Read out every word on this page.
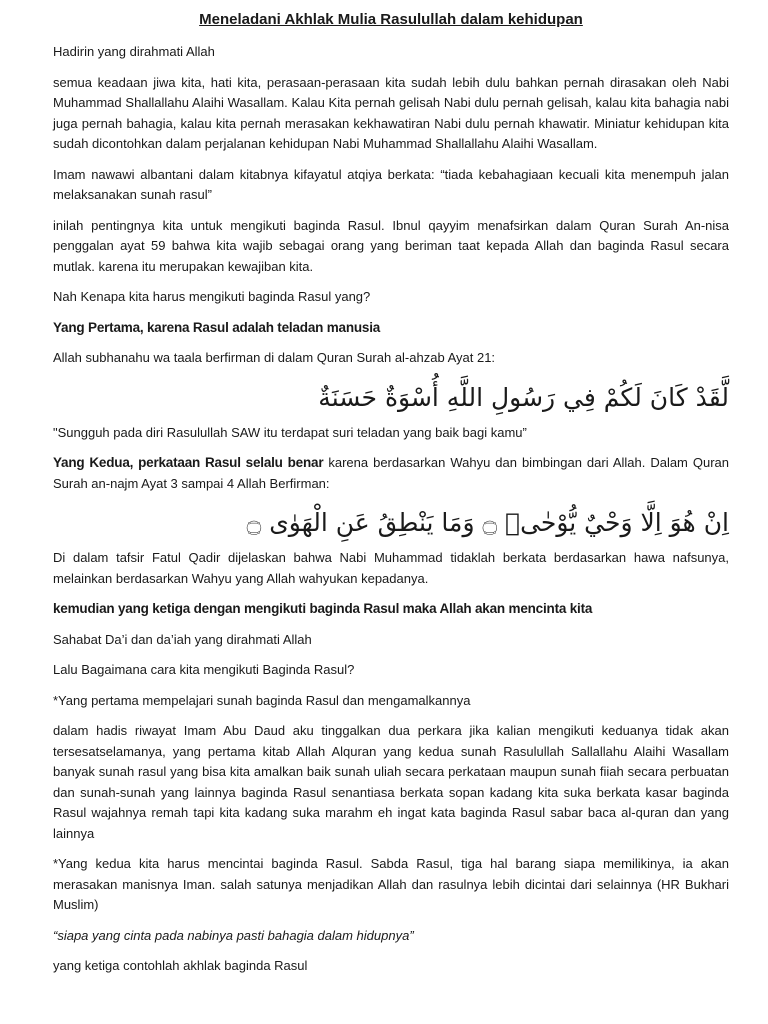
Meneladani Akhlak Mulia Rasulullah dalam kehidupan

Hadirin yang dirahmati Allah

semua keadaan jiwa kita, hati kita, perasaan-perasaan kita sudah lebih dulu bahkan pernah dirasakan oleh Nabi Muhammad Shallallahu Alaihi Wasallam. Kalau Kita pernah gelisah Nabi dulu pernah gelisah, kalau kita bahagia nabi juga pernah bahagia, kalau kita pernah merasakan kekhawatiran Nabi dulu pernah khawatir. Miniatur kehidupan kita sudah dicontohkan dalam perjalanan kehidupan Nabi Muhammad Shallallahu Alaihi Wasallam.

Imam nawawi albantani dalam kitabnya kifayatul atqiya berkata: “tiada kebahagiaan kecuali kita menempuh jalan melaksanakan sunah rasul”

inilah pentingnya kita untuk mengikuti baginda Rasul. Ibnul qayyim menafsirkan dalam Quran Surah An-nisa penggalan ayat 59 bahwa kita wajib sebagai orang yang beriman taat kepada Allah dan baginda Rasul secara mutlak. karena itu merupakan kewajiban kita.

Nah Kenapa kita harus mengikuti baginda Rasul yang?

Yang Pertama, karena Rasul adalah teladan manusia

Allah subhanahu wa taala berfirman di dalam Quran Surah al-ahzab Ayat 21:

لَّقَدْ كَانَ لَكُمْ فِي رَسُولِ اللَّهِ أُسْوَةٌ حَسَنَةٌ

"Sungguh pada diri Rasulullah SAW itu terdapat suri teladan yang baik bagi kamu”

Yang Kedua, perkataan Rasul selalu benar karena berdasarkan Wahyu dan bimbingan dari Allah. Dalam Quran Surah an-najm Ayat 3 sampai 4 Allah Berfirman:

اِنْ هُوَ اِلَّا وَحْيٌ يُّوْحٰىۙ ۝ وَمَا يَنْطِقُ عَنِ الْهَوٰى ۝

Di dalam tafsir Fatul Qadir dijelaskan bahwa Nabi Muhammad tidaklah berkata berdasarkan hawa nafsunya, melainkan berdasarkan Wahyu yang Allah wahyukan kepadanya.

kemudian yang ketiga dengan mengikuti baginda Rasul maka Allah akan mencinta kita

Sahabat Da’i dan da’iah yang dirahmati Allah

Lalu Bagaimana cara kita mengikuti Baginda Rasul?

*Yang pertama mempelajari sunah baginda Rasul dan mengamalkannya

dalam hadis riwayat Imam Abu Daud aku tinggalkan dua perkara jika kalian mengikuti keduanya tidak akan tersesatselamanya, yang pertama kitab Allah Alquran yang kedua sunah Rasulullah Sallallahu Alaihi Wasallam banyak sunah rasul yang bisa kita amalkan baik sunah uliah secara perkataan maupun sunah fiiah secara perbuatan dan sunah-sunah yang lainnya baginda Rasul senantiasa berkata sopan kadang kita suka berkata kasar baginda Rasul wajahnya remah tapi kita kadang suka marahm eh ingat kata baginda Rasul sabar baca al-quran dan yang lainnya

*Yang kedua kita harus mencintai baginda Rasul. Sabda Rasul, tiga hal barang siapa memilikinya, ia akan merasakan manisnya Iman. salah satunya menjadikan Allah dan rasulnya lebih dicintai dari selainnya (HR Bukhari Muslim)

“siapa yang cinta pada nabinya pasti bahagia dalam hidupnya”

yang ketiga contohlah akhlak baginda Rasul
